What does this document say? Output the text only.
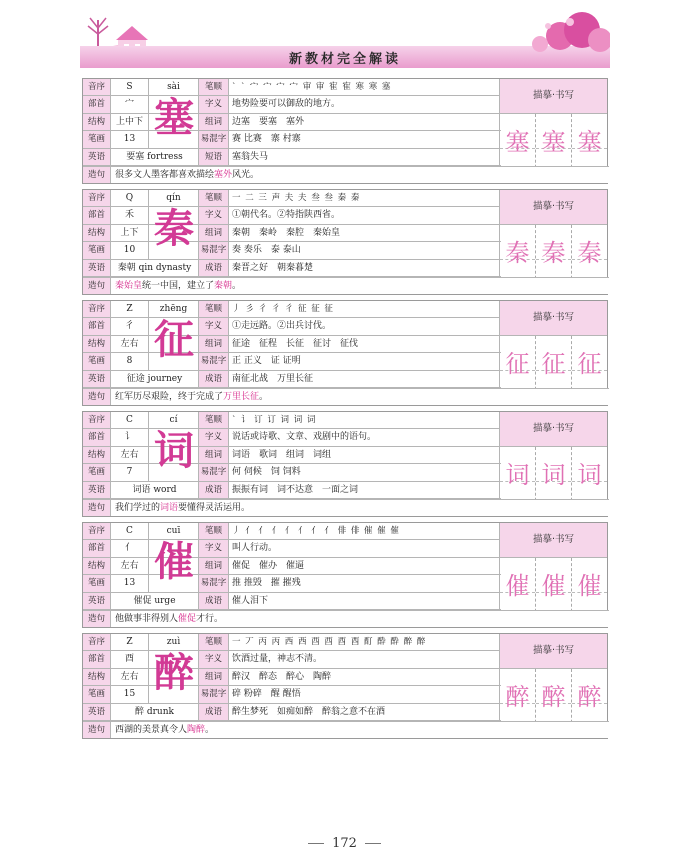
新教材完全解读
音序	S	sài	笔顺	` ` 宀 宀 宀 宀 审 审 寉 寉 寒 寒 塞
部首	宀	字义	地势险要可以御敌的地方。
结构	上中下	组词	边塞　要塞　塞外
笔画	13	易混字 赛 比赛　寨 村寨
英语	要塞 fortress	短语	塞翁失马
塞	描摹·书写
塞 塞 塞
造句	很多文人墨客都喜欢描绘塞外风光。
音序	Q	qín	笔顺	一 二 三 声 夫 夫 叁 叁 秦 秦
部首	禾	字义	①朝代名。②特指陕西省。
结构	上下	组词	秦朝　秦岭　秦腔　秦始皇
笔画	10	易混字 奏 奏乐　泰 泰山
英语	秦朝 qin dynasty	成语	秦晋之好　朝秦暮楚
秦	描摹·书写
秦 秦 秦
造句	秦始皇统一中国，建立了秦朝。
音序	Z	zhēng	笔顺	丿 彡 彳 彳 彳 征 征 征
部首	彳	字义	①走远路。②出兵讨伐。
结构	左右	组词	征途　征程　长征　征讨　征伐
笔画	8	易混字 正 正义　证 证明
英语	征途 journey	成语	南征北战　万里长征
征	描摹·书写
征 征 征
造句	红军历尽艰险，终于完成了万里长征。
音序	C	cí	笔顺	` 讠 订 订 词 词 词
部首	讠	字义	说话或诗歌、文章、戏剧中的语句。
结构	左右	组词	词语　歌词　组词　词组
笔画	7	易混字 何 伺候　饲 饲料
英语	词语 word	成语	振振有词　词不达意　一面之词
词	描摹·书写
词 词 词
造句	我们学过的词语要懂得灵活运用。
音序	C	cuī	笔顺	丿 亻 亻 亻 亻 亻 亻 亻 俳 俳 催 催 催
部首	亻	字义	叫人行动。
结构	左右	组词	催促　催办　催逼
笔画	13	易混字 推 推毁　摧 摧残
英语	催促 urge	成语	催人泪下
催	描摹·书写
催 催 催
造句	他做事非得别人催促才行。
音序	Z	zuì	笔顺	一 丆 丙 丙 西 西 酉 酉 酉 酉 酊 酔 酔 醉 醉
部首	酉	字义	饮酒过量，神志不清。
结构	左右	组词	醉汉　醉态　醉心　陶醉
笔画	15	易混字 碎 粉碎　醒 醒悟
英语	醉 drunk	成语	醉生梦死　如痴如醉　醉翁之意不在酒
醉	描摹·书写
醉 醉 醉
造句	西湖的美景真令人陶醉。
172
